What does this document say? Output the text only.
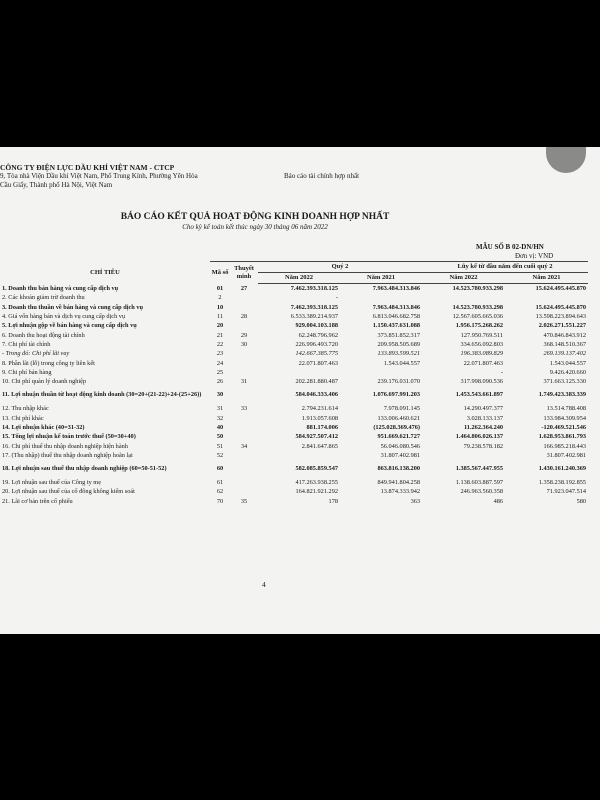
CÔNG TY ĐIỆN LỰC DẦU KHÍ VIỆT NAM - CTCP
9, Tòa nhà Viện Dầu khí Việt Nam, Phố Trung Kính, Phường Yên Hòa
Cầu Giấy, Thành phố Hà Nội, Việt Nam
Báo cáo tài chính hợp nhất
BÁO CÁO KẾT QUẢ HOẠT ĐỘNG KINH DOANH HỢP NHẤT
Cho kỳ kế toán kết thúc ngày 30 tháng 06 năm 2022
MẪU SỐ B 02-DN/HN
Đơn vị: VND
CHỈ TIÊU	Mã số	Thuyết minh	Quý 2		Lũy kế từ đầu năm đến cuối quý 2	
			Năm 2022	Năm 2021	Năm 2022	Năm 2021
1. Doanh thu bán hàng và cung cấp dịch vụ	01	27	7.462.393.318.125	7.963.484.313.846	14.523.780.933.298	15.624.495.445.870
2. Các khoản giảm trừ doanh thu	2		-			
3. Doanh thu thuần về bán hàng và cung cấp dịch vụ	10		7.462.393.318.125	7.963.484.313.846	14.523.780.933.298	15.624.495.445.870
4. Giá vốn hàng bán và dịch vụ cung cấp dịch vụ	11	28	6.533.389.214.937	6.813.046.682.758	12.567.605.665.036	13.598.223.894.643
5. Lợi nhuận gộp về bán hàng và cung cấp dịch vụ	20		929.004.103.188	1.150.437.631.088	1.956.175.268.262	2.026.271.551.227
6. Doanh thu hoạt động tài chính	21	29	62.248.796.962	373.851.852.317	127.950.769.511	470.846.843.912
7. Chi phí tài chính	22	30	226.996.493.720	209.958.505.689	334.656.092.803	368.148.510.367
- Trong đó: Chi phí lãi vay	23		142.667.385.775	133.893.599.521	196.383.089.829	269.139.137.402
8. Phần lãi (lỗ) trong công ty liên kết	24		22.071.807.463	1.543.044.557	22.071.807.463	1.543.044.557
9. Chi phí bán hàng	25				-	9.426.420.660
10. Chi phí quản lý doanh nghiệp	26	31	202.281.880.487	239.176.031.070	317.998.090.536	371.663.125.330
11. Lợi nhuận thuần từ hoạt động kinh doanh (30=20+(21-22)+24-(25+26))	30		584.046.333.406	1.076.697.991.203	1.453.543.661.897	1.749.423.383.339
12. Thu nhập khác	31	33	2.794.231.614	7.978.091.145	14.290.497.377	13.514.788.408
13. Chi phí khác	32		1.913.057.608	133.006.460.621	3.028.133.137	133.984.309.954
14. Lợi nhuận khác (40=31-32)	40		881.174.006	(125.028.369.476)	11.262.364.240	-120.469.521.546
15. Tổng lợi nhuận kế toán trước thuế (50=30+40)	50		584.927.507.412	951.669.621.727	1.464.806.026.137	1.628.953.861.793
16. Chi phí thuế thu nhập doanh nghiệp hiện hành	51	34	2.841.647.865	56.046.080.546	79.238.578.182	166.985.218.443
17. (Thu nhập) thuế thu nhập doanh nghiệp hoãn lại	52			31.807.402.981		31.807.402.981
18. Lợi nhuận sau thuế thu nhập doanh nghiệp (60=50-51-52)	60		582.085.859.547	863.816.138.200	1.385.567.447.955	1.430.161.240.369
19. Lợi nhuận sau thuế của Công ty mẹ	61		417.263.938.255	849.941.804.258	1.138.603.887.597	1.358.238.192.855
20. Lợi nhuận sau thuế của cổ đông không kiểm soát	62		164.821.921.292	13.874.333.942	246.963.560.358	71.923.047.514
21. Lãi cơ bản trên cổ phiếu	70	35	178	363	486	580
4
